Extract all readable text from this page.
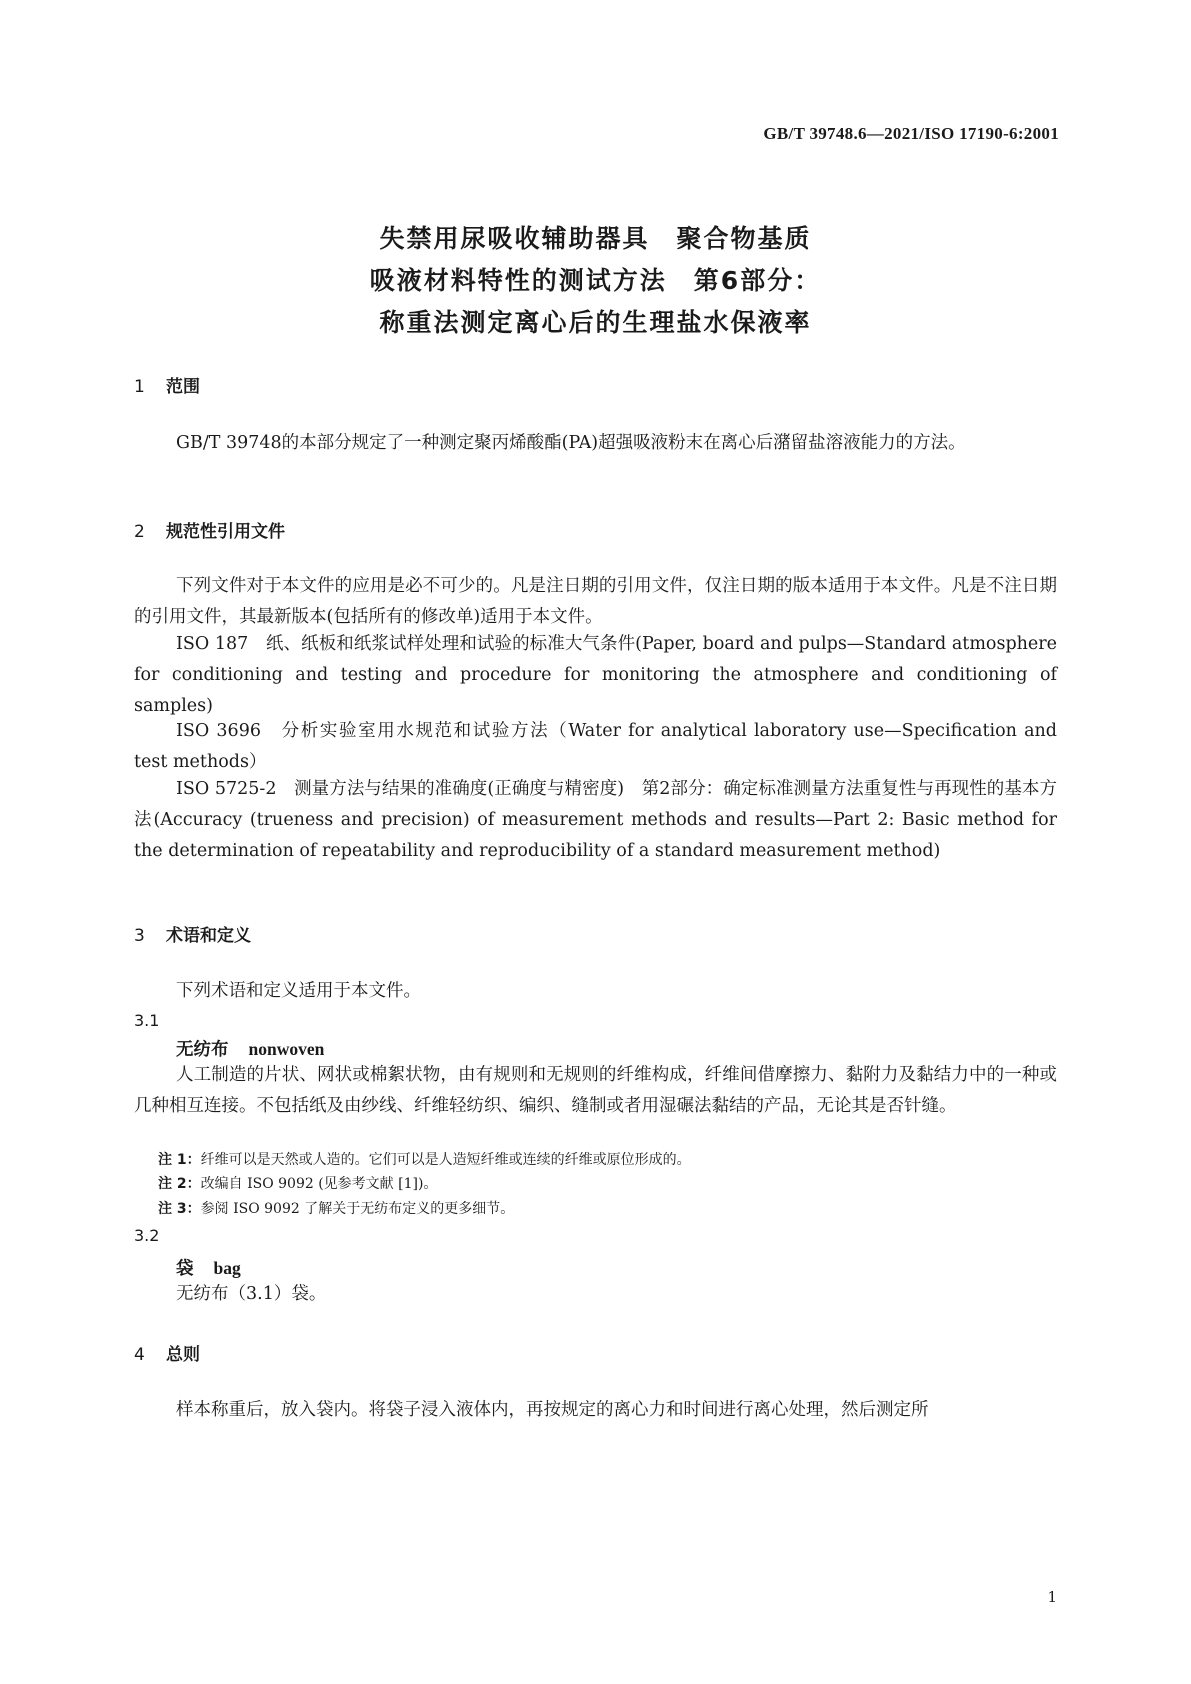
GB/T 39748.6—2021/ISO 17190-6:2001
失禁用尿吸收辅助器具　聚合物基质
吸液材料特性的测试方法　第6部分：
称重法测定离心后的生理盐水保液率
1 范围
GB/T 39748的本部分规定了一种测定聚丙烯酸酯(PA)超强吸液粉末在离心后潴留盐溶液能力的方法。
2 规范性引用文件
下列文件对于本文件的应用是必不可少的。凡是注日期的引用文件，仅注日期的版本适用于本文件。凡是不注日期的引用文件，其最新版本(包括所有的修改单)适用于本文件。
ISO 187　纸、纸板和纸浆试样处理和试验的标准大气条件(Paper, board and pulps—Standard atmosphere for conditioning and testing and procedure for monitoring the atmosphere and conditioning of samples)
ISO 3696　分析实验室用水规范和试验方法（Water for analytical laboratory use—Specification and test methods）
ISO 5725-2　测量方法与结果的准确度(正确度与精密度)　第2部分：确定标准测量方法重复性与再现性的基本方法(Accuracy (trueness and precision) of measurement methods and results—Part 2: Basic method for the determination of repeatability and reproducibility of a standard measurement method)
3 术语和定义
下列术语和定义适用于本文件。
3.1
无纺布 nonwoven
人工制造的片状、网状或棉絮状物，由有规则和无规则的纤维构成，纤维间借摩擦力、黏附力及黏结力中的一种或几种相互连接。不包括纸及由纱线、纤维轻纺织、编织、缝制或者用湿碾法黏结的产品，无论其是否针缝。
注 1：纤维可以是天然或人造的。它们可以是人造短纤维或连续的纤维或原位形成的。
注 2：改编自 ISO 9092 (见参考文献 [1])。
注 3：参阅 ISO 9092 了解关于无纺布定义的更多细节。
3.2
袋 bag
无纺布（3.1）袋。
4 总则
样本称重后，放入袋内。将袋子浸入液体内，再按规定的离心力和时间进行离心处理，然后测定所
1
